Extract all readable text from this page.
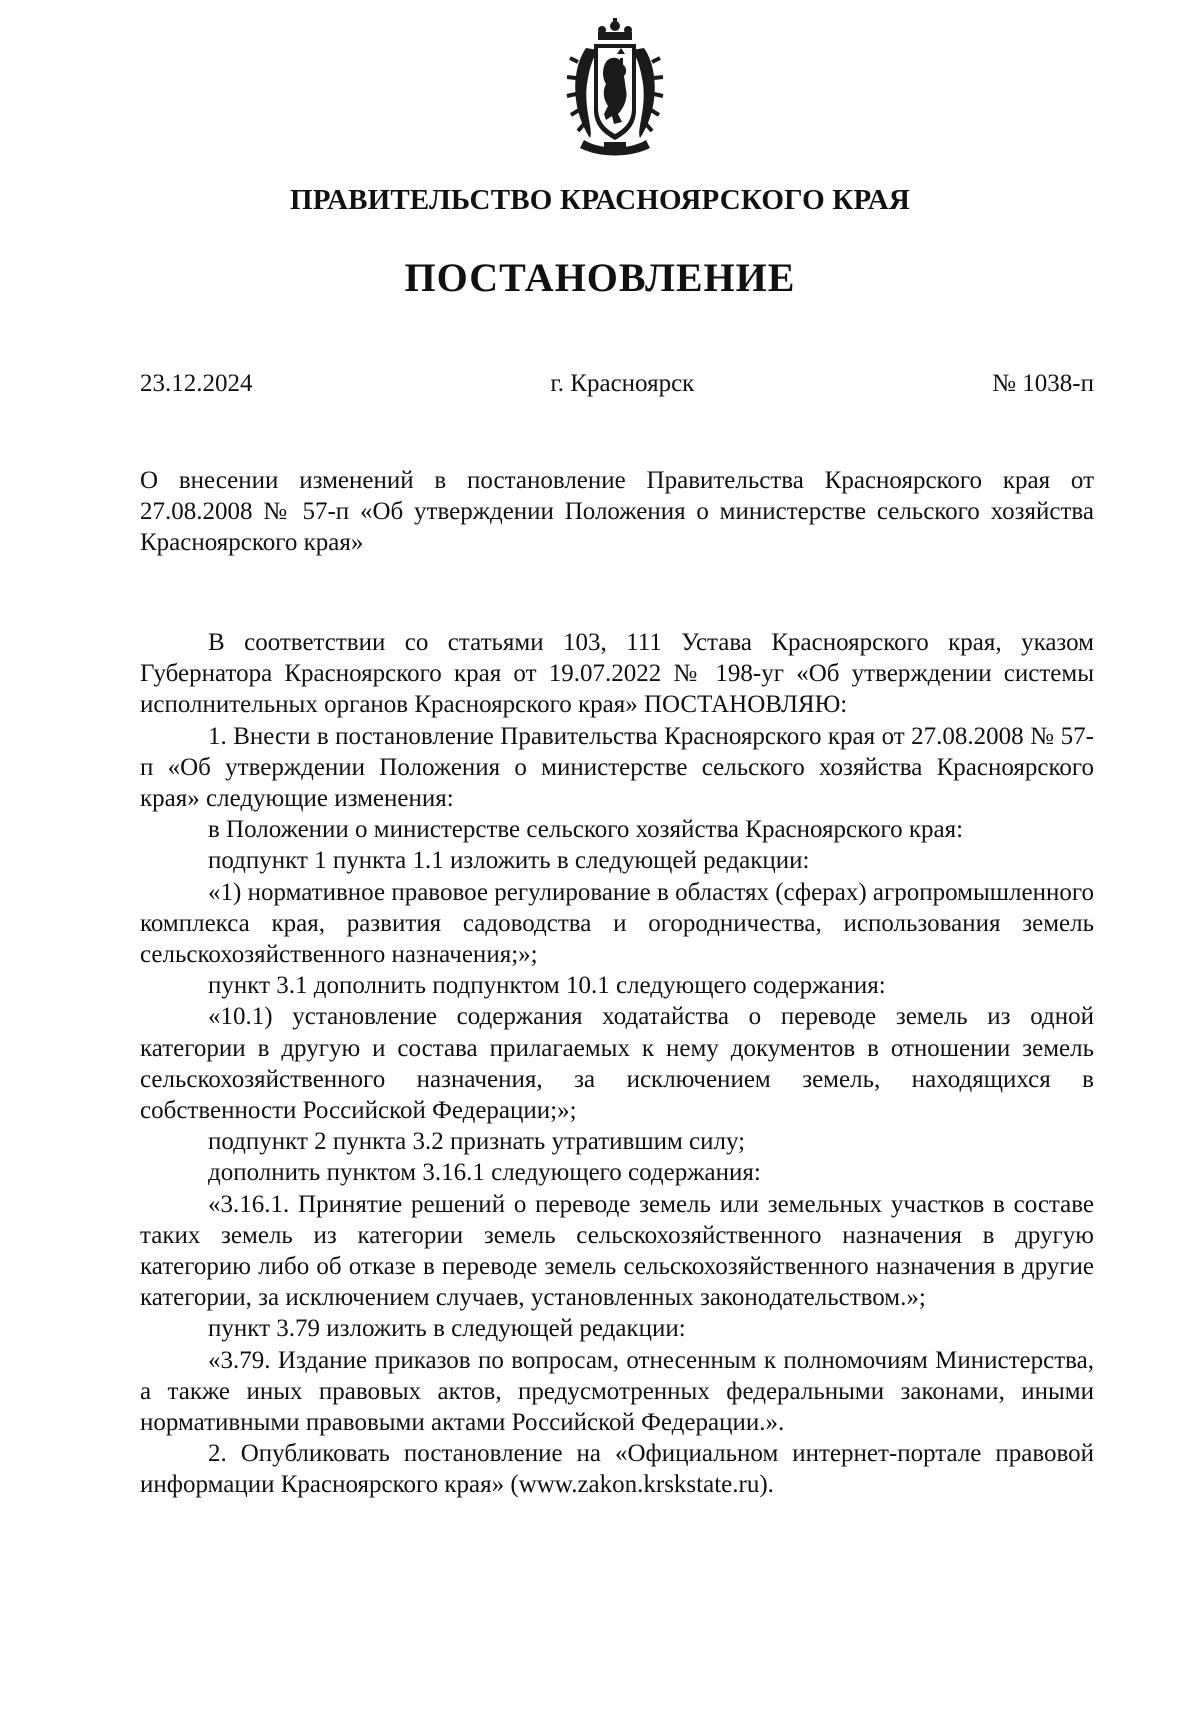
ПРАВИТЕЛЬСТВО КРАСНОЯРСКОГО КРАЯ
ПОСТАНОВЛЕНИЕ
23.12.2024	г. Красноярск	№ 1038-п
О внесении изменений в постановление Правительства Красноярского края от 27.08.2008 № 57-п «Об утверждении Положения о министерстве сельского хозяйства Красноярского края»

В соответствии со статьями 103, 111 Устава Красноярского края, указом Губернатора Красноярского края от 19.07.2022 № 198-уг «Об утверждении системы исполнительных органов Красноярского края» ПОСТАНОВЛЯЮ:

1. Внести в постановление Правительства Красноярского края от 27.08.2008 № 57-п «Об утверждении Положения о министерстве сельского хозяйства Красноярского края» следующие изменения:

в Положении о министерстве сельского хозяйства Красноярского края:

подпункт 1 пункта 1.1 изложить в следующей редакции:

«1) нормативное правовое регулирование в областях (сферах) агропромышленного комплекса края, развития садоводства и огородничества, использования земель сельскохозяйственного назначения;»;

пункт 3.1 дополнить подпунктом 10.1 следующего содержания:

«10.1) установление содержания ходатайства о переводе земель из одной категории в другую и состава прилагаемых к нему документов в отношении земель сельскохозяйственного назначения, за исключением земель, находящихся в собственности Российской Федерации;»;

подпункт 2 пункта 3.2 признать утратившим силу;

дополнить пунктом 3.16.1 следующего содержания:

«3.16.1. Принятие решений о переводе земель или земельных участков в составе таких земель из категории земель сельскохозяйственного назначения в другую категорию либо об отказе в переводе земель сельскохозяйственного назначения в другие категории, за исключением случаев, установленных законодательством.»;

пункт 3.79 изложить в следующей редакции:

«3.79. Издание приказов по вопросам, отнесенным к полномочиям Министерства, а также иных правовых актов, предусмотренных федеральными законами, иными нормативными правовыми актами Российской Федерации.».

2. Опубликовать постановление на «Официальном интернет-портале правовой информации Красноярского края» (www.zakon.krskstate.ru).
